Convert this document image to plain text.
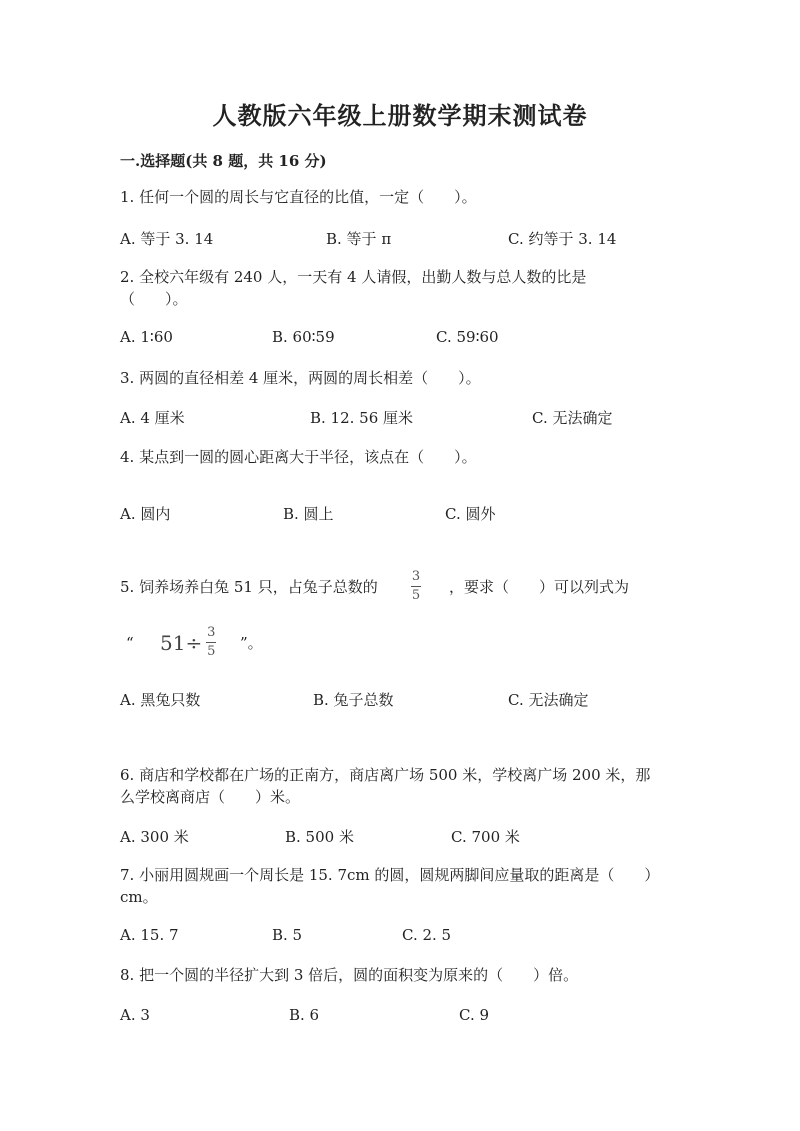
人教版六年级上册数学期末测试卷
一.选择题(共 8 题，共 16 分)
1. 任何一个圆的周长与它直径的比值，一定（　　）。
A. 等于 3. 14	B. 等于 π	C. 约等于 3. 14
2. 全校六年级有 240 人，一天有 4 人请假，出勤人数与总人数的比是
（　　）。
A. 1∶60	B. 60∶59	C. 59∶60
3. 两圆的直径相差 4 厘米，两圆的周长相差（　　）。
A. 4 厘米	B. 12. 56 厘米	C. 无法确定
4. 某点到一圆的圆心距离大于半径，该点在（　　）。
A. 圆内	B. 圆上	C. 圆外
5. 饲养场养白兔 51 只，占兔子总数的
3
5 ，要求（　　）可以列式为
“ $51\div \frac{3}{5}$ ”。
A. 黑兔只数	B. 兔子总数	C. 无法确定
6. 商店和学校都在广场的正南方，商店离广场 500 米，学校离广场 200 米，那
么学校离商店（　　）米。
A. 300 米	B. 500 米	C. 700 米
7. 小丽用圆规画一个周长是 15. 7cm 的圆，圆规两脚间应量取的距离是（　　）
cm。
A. 15. 7	B. 5	C. 2. 5
8. 把一个圆的半径扩大到 3 倍后，圆的面积变为原来的（　　）倍。
A. 3	B. 6	C. 9
